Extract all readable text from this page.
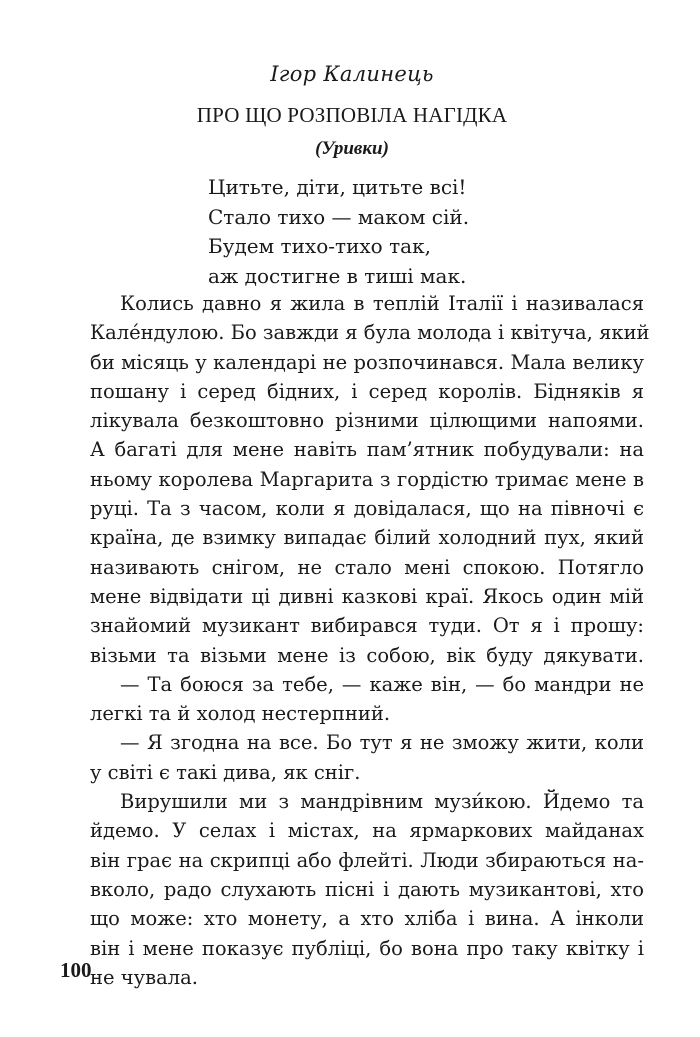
Ігор Калинець
ПРО ЩО РОЗПОВІЛА НАГІДКА
(Уривки)
Цитьте, діти, цитьте всі!
Стало тихо — маком сій.
Будем тихо-тихо так,
аж достигне в тиші мак.
Колись давно я жила в теплій Італії і називалася
Кале́ндулою. Бо завжди я була молода і квітуча, який
би місяць у календарі не розпочинався. Мала велику
пошану і серед бідних, і серед королів. Бідняків я
лікувала безкоштовно різними цілющими напоями.
А багаті для мене навіть пам’ятник побудували: на
ньому королева Маргарита з гордістю тримає мене в
руці. Та з часом, коли я довідалася, що на півночі є
країна, де взимку випадає білий холодний пух, який
називають снігом, не стало мені спокою. Потягло
мене відвідати ці дивні казкові краї. Якось один мій
знайомий музикант вибирався туди. От я і прошу:
візьми та візьми мене із собою, вік буду дякувати.
— Та боюся за тебе, — каже він, — бо мандри не
легкі та й холод нестерпний.
— Я згодна на все. Бо тут я не зможу жити, коли
у світі є такі дива, як сніг.
Вирушили ми з мандрівним музи́кою. Йдемо та
йдемо. У селах і містах, на ярмаркових майданах
він грає на скрипці або флейті. Люди збираються на-
вколо, радо слухають пісні і дають музикантові, хто
що може: хто монету, а хто хліба і вина. А інколи
він і мене показує публіці, бо вона про таку квітку і
не чувала.
100
